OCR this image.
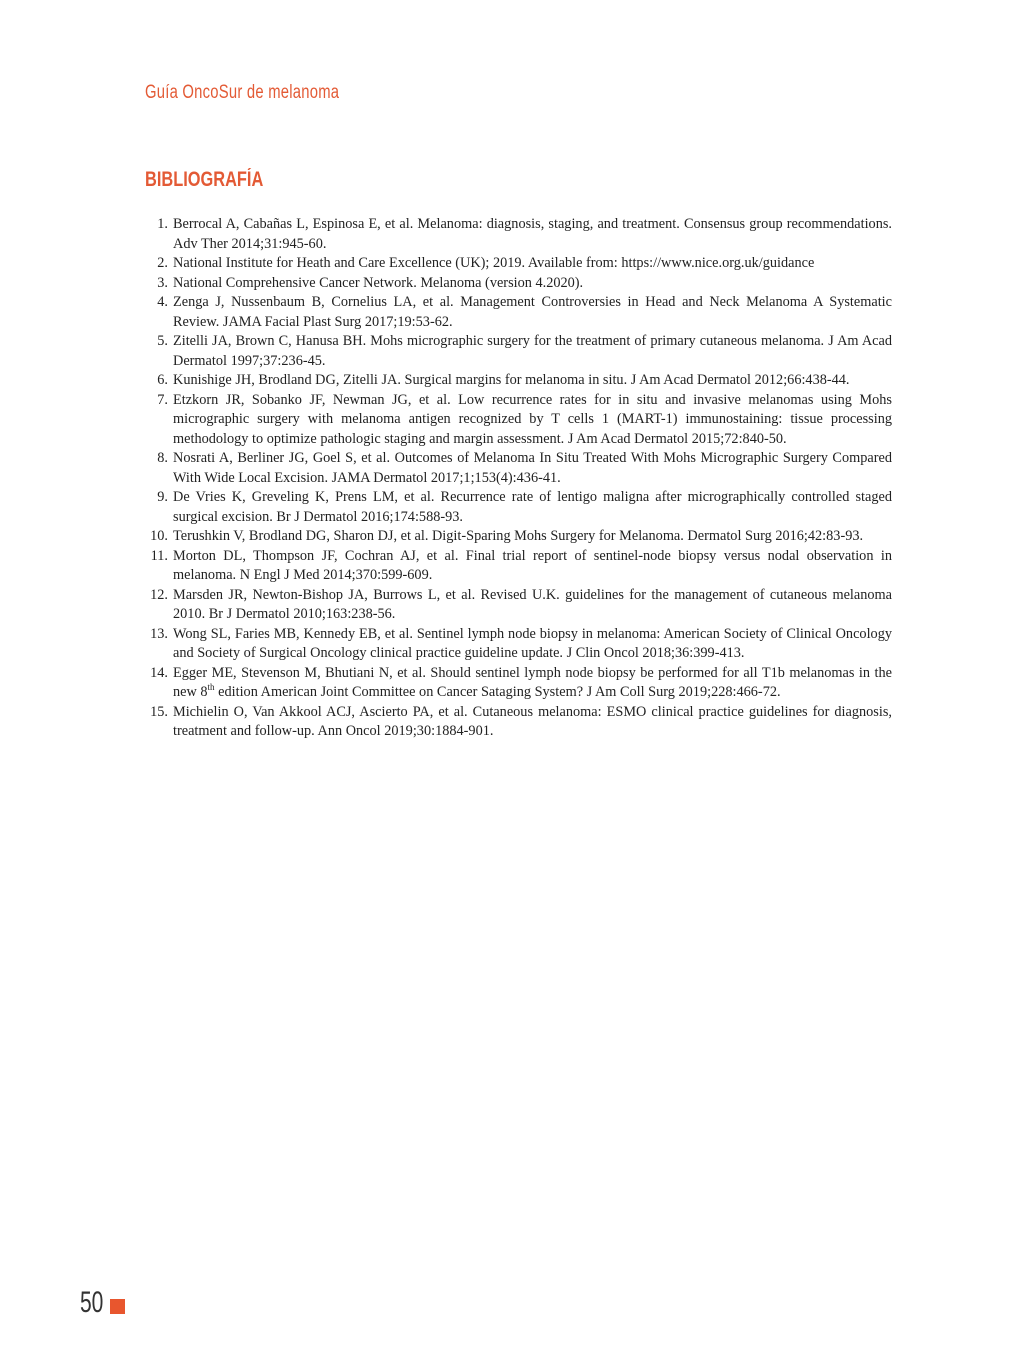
Guía OncoSur de melanoma
BIBLIOGRAFÍA
1. Berrocal A, Cabañas L, Espinosa E, et al. Melanoma: diagnosis, staging, and treatment. Consensus group recommendations. Adv Ther 2014;31:945-60.
2. National Institute for Heath and Care Excellence (UK); 2019. Available from: https://www.nice.org.uk/guidance
3. National Comprehensive Cancer Network. Melanoma (version 4.2020).
4. Zenga J, Nussenbaum B, Cornelius LA, et al. Management Controversies in Head and Neck Melanoma A Systematic Review. JAMA Facial Plast Surg 2017;19:53-62.
5. Zitelli JA, Brown C, Hanusa BH. Mohs micrographic surgery for the treatment of primary cutaneous melanoma. J Am Acad Dermatol 1997;37:236-45.
6. Kunishige JH, Brodland DG, Zitelli JA. Surgical margins for melanoma in situ. J Am Acad Dermatol 2012;66:438-44.
7. Etzkorn JR, Sobanko JF, Newman JG, et al. Low recurrence rates for in situ and invasive melanomas using Mohs micrographic surgery with melanoma antigen recognized by T cells 1 (MART-1) immunostaining: tissue processing methodology to optimize pathologic staging and margin assessment. J Am Acad Dermatol 2015;72:840-50.
8. Nosrati A, Berliner JG, Goel S, et al. Outcomes of Melanoma In Situ Treated With Mohs Micrographic Surgery Compared With Wide Local Excision. JAMA Dermatol 2017;1;153(4):436-41.
9. De Vries K, Greveling K, Prens LM, et al. Recurrence rate of lentigo maligna after micrographically controlled staged surgical excision. Br J Dermatol 2016;174:588-93.
10. Terushkin V, Brodland DG, Sharon DJ, et al. Digit-Sparing Mohs Surgery for Melanoma. Dermatol Surg 2016;42:83-93.
11. Morton DL, Thompson JF, Cochran AJ, et al. Final trial report of sentinel-node biopsy versus nodal observation in melanoma. N Engl J Med 2014;370:599-609.
12. Marsden JR, Newton-Bishop JA, Burrows L, et al. Revised U.K. guidelines for the management of cutaneous melanoma 2010. Br J Dermatol 2010;163:238-56.
13. Wong SL, Faries MB, Kennedy EB, et al. Sentinel lymph node biopsy in melanoma: American Society of Clinical Oncology and Society of Surgical Oncology clinical practice guideline update. J Clin Oncol 2018;36:399-413.
14. Egger ME, Stevenson M, Bhutiani N, et al. Should sentinel lymph node biopsy be performed for all T1b melanomas in the new 8th edition American Joint Committee on Cancer Sataging System? J Am Coll Surg 2019;228:466-72.
15. Michielin O, Van Akkool ACJ, Ascierto PA, et al. Cutaneous melanoma: ESMO clinical practice guidelines for diagnosis, treatment and follow-up. Ann Oncol 2019;30:1884-901.
50
